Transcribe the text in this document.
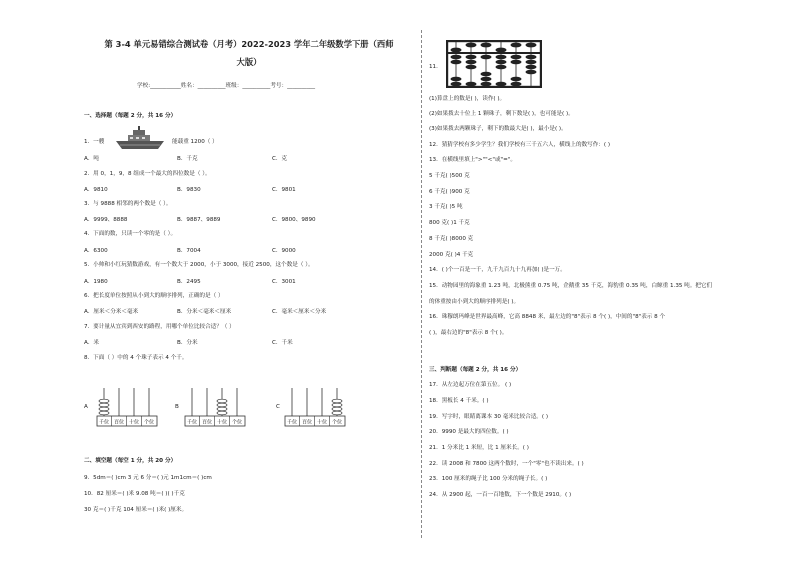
第 3-4 单元易错综合测试卷（月考）2022-2023 学年二年级数学下册（西师
大版）
学校:___________姓名：__________班级：__________考号：__________
一、选择题（每题 2 分，共 16 分）
1．一艘	能载重 1200（ ）
A．吨	B．千克	C．克
2．用 0，1，9，8 组成一个最大的四位数是（ ）。
A．9810	B．9830	C．9801
3．与 9888 相邻的两个数是（ ）。
A．9999、8888	B．9887、9889	C．9800、9890
4．下面的数，只读一个零的是（ ）。
A．6300	B．7004	C．9000
5．小帅和小红玩猜数游戏，有一个数大于 2000，小于 3000，接近 2500，这个数是（ ）。
A．1980	B．2495	C．3001
6．把长度单位按照从小到大的顺序排列，正确的是（ ）
A．厘米＜分米＜毫米	B．分米＜毫米＜厘米	C．毫米＜厘米＜分米
7．要计量从宜宾到西安的路程，用哪个单位比较合适？（ ）
A．米	B．分米	C．千米
8．下面（ ）中的 4 个珠子表示 4 个千。
A
千位 百位 十位 个位
B
千位 百位 十位 个位
C
千位 百位 十位 个位
二、填空题（每空 1 分，共 20 分）
9．5dm＝( )cm 3 元 6 分＝( )元 1m1cm＝( )cm
10．82 厘米＝( )米 9.08 吨＝( )( )千克
30 克＝( )千克 104 厘米＝( )米( )厘米。
11．
(1)算盘上的数是( )，读作( )。
(2)如果拨去十位上 1 颗珠子，剩下数是( )，也可能是( )。
(3)如果拨去两颗珠子，剩下的数最大是( )，最小是( )。
12．猜猜学校有多少学生？我们学校有三千五六人，横线上的数写作：( )
13．在横线里填上">""<"或"="。
5 千克( )500 克
6 千克( )900 克
3 千克( )5 吨
800 克( )1 千克
8 千克( )8000 克
2000 克( )4 千克
14．( )个一百是一千，九千九百九十九再加( )是一万。
15．动物园里的海象重 1.23 吨，北极熊重 0.75 吨，企鹅重 35 千克，海豹重 0.35 吨，白鲸重 1.35 吨。把它们
的体重按由小到大的顺序排列是( )。
16．珠穆朗玛峰是世界最高峰，它高 8848 米，最左边的"8"表示 8 个( )，中间的"8"表示 8 个
( )，最右边的"8"表示 8 个( )。
三、判断题（每题 2 分，共 16 分）
17．从左边起万位在第五位。 ( )
18．黑板长 4 千米。( )
19．写字时，眼睛离课本 30 毫米比较合适。( )
20．9990 是最大的四位数。( )
21．1 分米比 1 米短，比 1 厘米长。( )
22．读 2008 和 7800 这两个数时，一个"零"也不读出来。( )
23．100 厘米的绳子比 100 分米的绳子长。( )
24．从 2900 起，一百一百地数，下一个数是 2910。( )
